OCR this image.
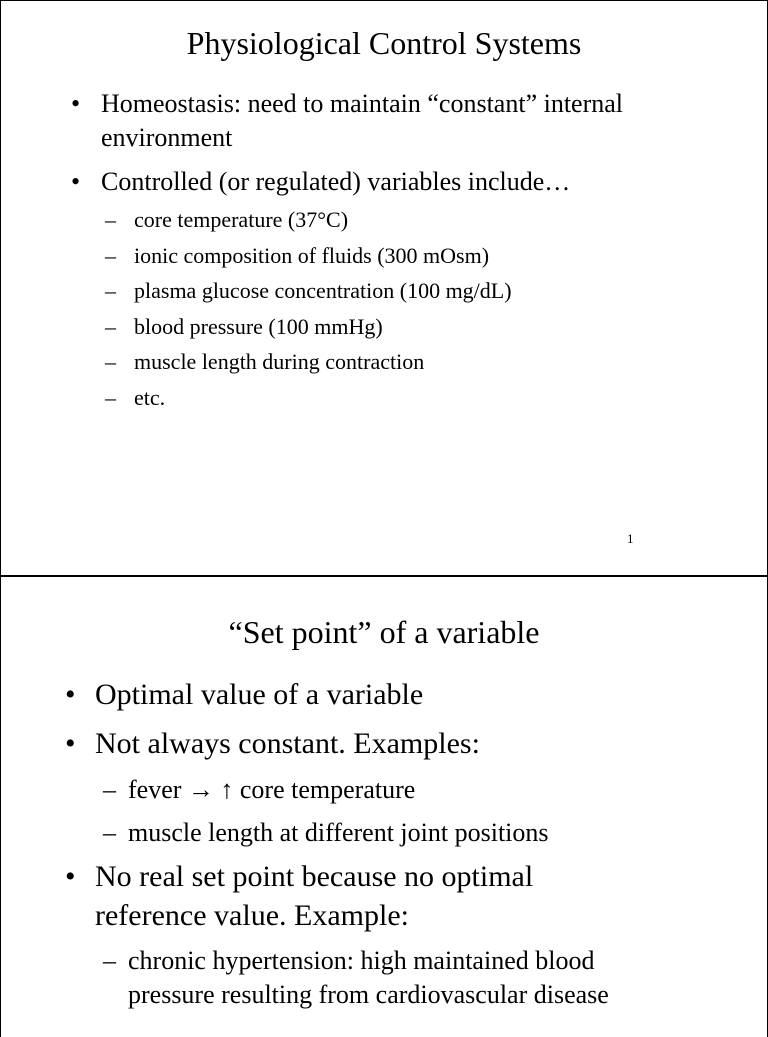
Physiological Control Systems
• Homeostasis: need to maintain “constant” internal
environment
• Controlled (or regulated) variables include…
– core temperature (37°C)
– ionic composition of fluids (300 mOsm)
– plasma glucose concentration (100 mg/dL)
– blood pressure (100 mmHg)
– muscle length during contraction
– etc.
1
“Set point” of a variable
• Optimal value of a variable
• Not always constant. Examples:
– fever → ↑ core temperature
– muscle length at different joint positions
• No real set point because no optimal
reference value. Example:
– chronic hypertension: high maintained blood
pressure resulting from cardiovascular disease
